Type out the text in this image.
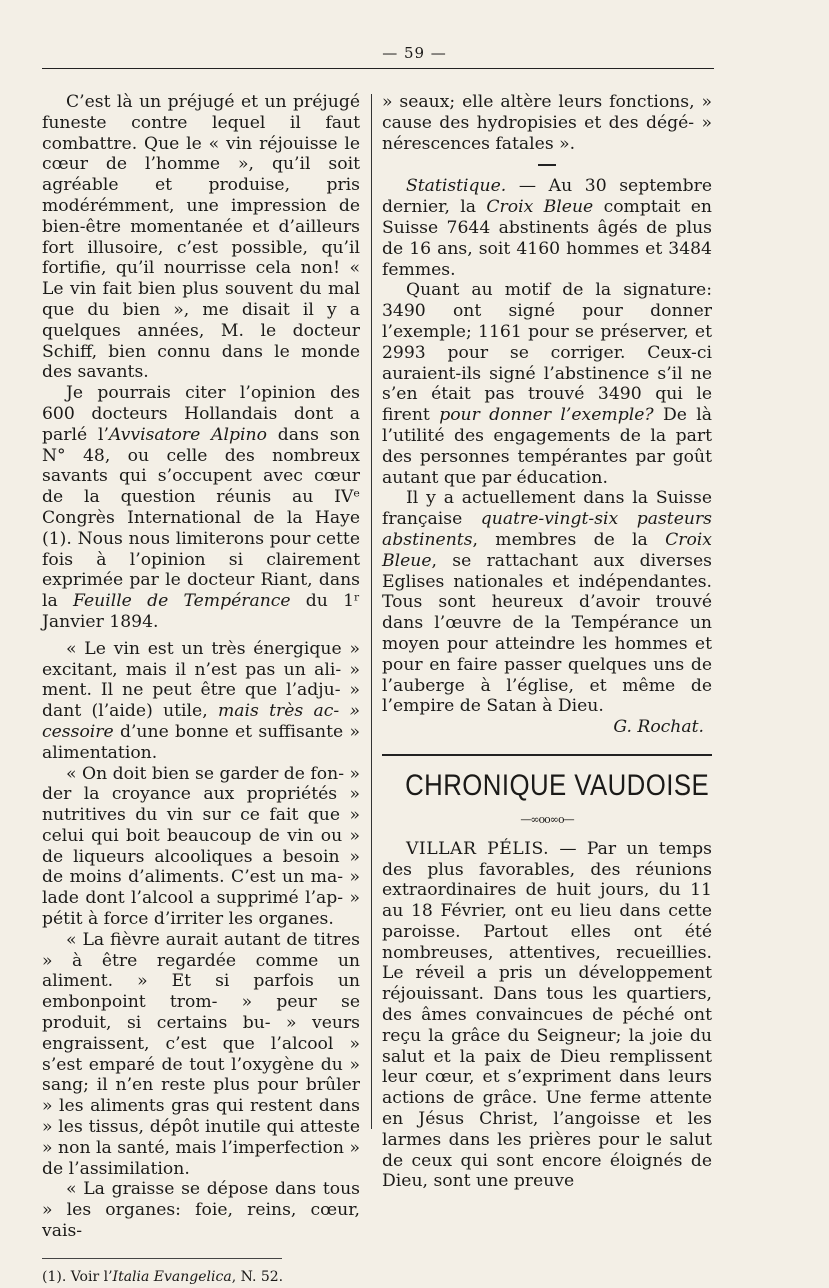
— 59 —

C’est là un préjugé et un préjugé funeste contre lequel il faut combattre. Que le « vin réjouisse le cœur de l’homme », qu’il soit agréable et produise, pris modérémment, une impression de bien-être momentanée et d’ailleurs fort illusoire, c’est possible, qu’il fortifie, qu’il nourrisse cela non! « Le vin fait bien plus souvent du mal que du bien », me disait il y a quelques années, M. le docteur Schiff, bien connu dans le monde des savants.

Je pourrais citer l’opinion des 600 docteurs Hollandais dont a parlé l’Avvisatore Alpino dans son N° 48, ou celle des nombreux savants qui s’occupent avec cœur de la question réunis au IVᵉ Congrès International de la Haye (1). Nous nous limiterons pour cette fois à l’opinion si clairement exprimée par le docteur Riant, dans la Feuille de Tempérance du 1ʳ Janvier 1894.

« Le vin est un très énergique » excitant, mais il n’est pas un ali- » ment. Il ne peut être que l’adju- » dant (l’aide) utile, mais très ac- » cessoire d’une bonne et suffisante » alimentation.

« On doit bien se garder de fon- » der la croyance aux propriétés » nutritives du vin sur ce fait que » celui qui boit beaucoup de vin ou » de liqueurs alcooliques a besoin » de moins d’aliments. C’est un ma- » lade dont l’alcool a supprimé l’ap- » pétit à force d’irriter les organes.

« La fièvre aurait autant de titres » à être regardée comme un aliment. » Et si parfois un embonpoint trom- » peur se produit, si certains bu- » veurs engraissent, c’est que l’alcool » s’est emparé de tout l’oxygène du » sang; il n’en reste plus pour brûler » les aliments gras qui restent dans » les tissus, dépôt inutile qui atteste » non la santé, mais l’imperfection » de l’assimilation.

« La graisse se dépose dans tous » les organes: foie, reins, cœur, vais-

(1). Voir l’Italia Evangelica, N. 52.

» seaux; elle altère leurs fonctions, » cause des hydropisies et des dégé- » nérescences fatales ».

Statistique. — Au 30 septembre dernier, la Croix Bleue comptait en Suisse 7644 abstinents âgés de plus de 16 ans, soit 4160 hommes et 3484 femmes.

Quant au motif de la signature: 3490 ont signé pour donner l’exemple; 1161 pour se préserver, et 2993 pour se corriger. Ceux-ci auraient-ils signé l’abstinence s’il ne s’en était pas trouvé 3490 qui le firent pour donner l’exemple? De là l’utilité des engagements de la part des personnes tempérantes par goût autant que par éducation.

Il y a actuellement dans la Suisse française quatre-vingt-six pasteurs abstinents, membres de la Croix Bleue, se rattachant aux diverses Eglises nationales et indépendantes. Tous sont heureux d’avoir trouvé dans l’œuvre de la Tempérance un moyen pour atteindre les hommes et pour en faire passer quelques uns de l’auberge à l’église, et même de l’empire de Satan à Dieu.

G. Rochat.

CHRONIQUE VAUDOISE
—∞oo∞o—

VILLAR PÉLIS. — Par un temps des plus favorables, des réunions extraordinaires de huit jours, du 11 au 18 Février, ont eu lieu dans cette paroisse. Partout elles ont été nombreuses, attentives, recueillies. Le réveil a pris un développement réjouissant. Dans tous les quartiers, des âmes convaincues de péché ont reçu la grâce du Seigneur; la joie du salut et la paix de Dieu remplissent leur cœur, et s’expriment dans leurs actions de grâce. Une ferme attente en Jésus Christ, l’angoisse et les larmes dans les prières pour le salut de ceux qui sont encore éloignés de Dieu, sont une preuve
